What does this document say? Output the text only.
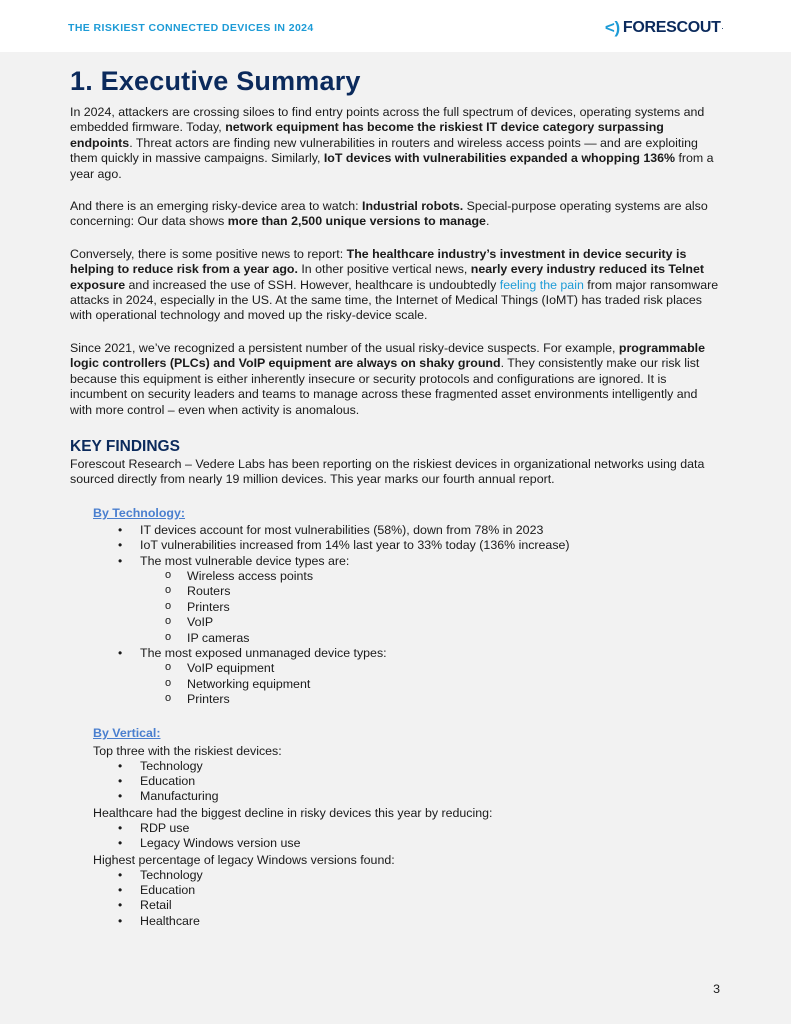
THE RISKIEST CONNECTED DEVICES IN 2024	<) FORESCOUT .
1. Executive Summary

In 2024, attackers are crossing siloes to find entry points across the full spectrum of devices, operating systems and embedded firmware. Today, network equipment has become the riskiest IT device category surpassing endpoints. Threat actors are finding new vulnerabilities in routers and wireless access points — and are exploiting them quickly in massive campaigns. Similarly, IoT devices with vulnerabilities expanded a whopping 136% from a year ago.

And there is an emerging risky-device area to watch: Industrial robots. Special-purpose operating systems are also concerning: Our data shows more than 2,500 unique versions to manage.

Conversely, there is some positive news to report: The healthcare industry’s investment in device security is helping to reduce risk from a year ago. In other positive vertical news, nearly every industry reduced its Telnet exposure and increased the use of SSH. However, healthcare is undoubtedly feeling the pain from major ransomware attacks in 2024, especially in the US. At the same time, the Internet of Medical Things (IoMT) has traded risk places with operational technology and moved up the risky-device scale.

Since 2021, we’ve recognized a persistent number of the usual risky-device suspects. For example, programmable logic controllers (PLCs) and VoIP equipment are always on shaky ground. They consistently make our risk list because this equipment is either inherently insecure or security protocols and configurations are ignored. It is incumbent on security leaders and teams to manage across these fragmented asset environments intelligently and with more control – even when activity is anomalous.

KEY FINDINGS

Forescout Research – Vedere Labs has been reporting on the riskiest devices in organizational networks using data sourced directly from nearly 19 million devices. This year marks our fourth annual report.

By Technology:
• IT devices account for most vulnerabilities (58%), down from 78% in 2023
• IoT vulnerabilities increased from 14% last year to 33% today (136% increase)
• The most vulnerable device types are:
o Wireless access points
o Routers
o Printers
o VoIP
o IP cameras
• The most exposed unmanaged device types:
o VoIP equipment
o Networking equipment
o Printers
By Vertical:
Top three with the riskiest devices:
• Technology
• Education
• Manufacturing
Healthcare had the biggest decline in risky devices this year by reducing:
• RDP use
• Legacy Windows version use
Highest percentage of legacy Windows versions found:
• Technology
• Education
• Retail
• Healthcare
3
